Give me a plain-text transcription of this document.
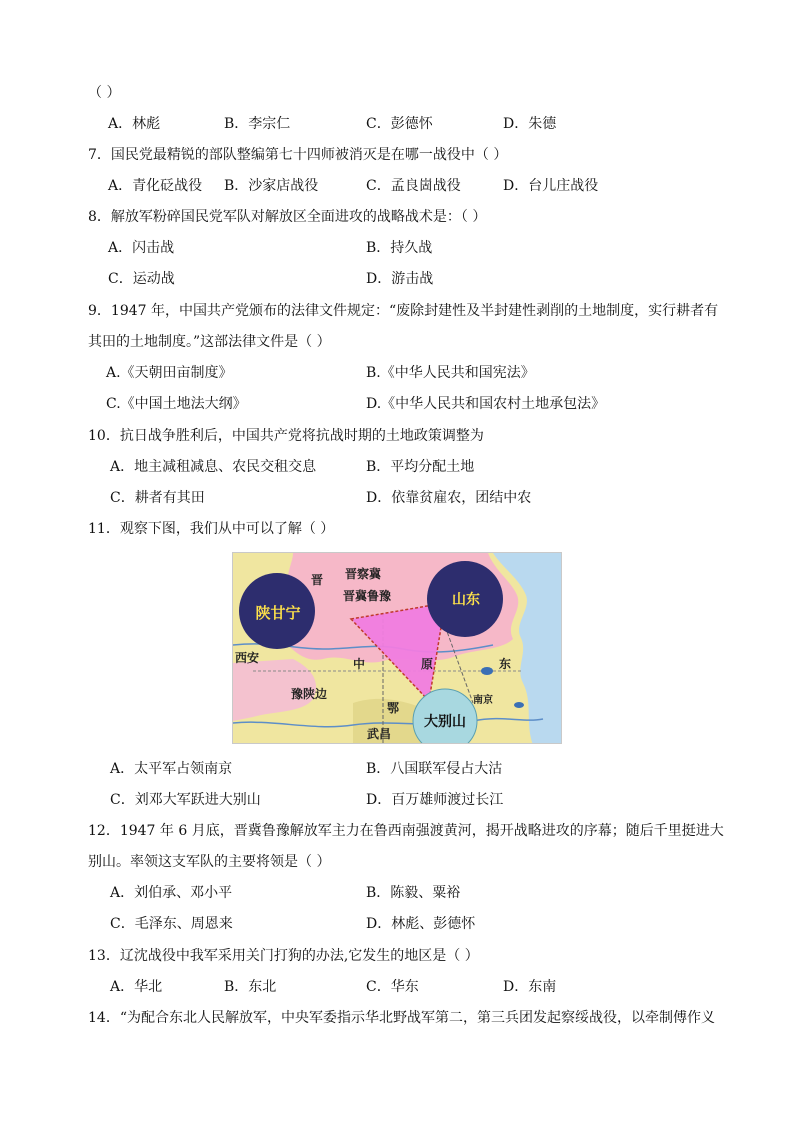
（ ）
A．林彪	B．李宗仁	C．彭德怀	D．朱德
7．国民党最精锐的部队整编第七十四师被消灭是在哪一战役中（ ）
A．青化砭战役 B．沙家店战役	C．孟良崮战役	D．台儿庄战役
8．解放军粉碎国民党军队对解放区全面进攻的战略战术是：（ ）
A．闪击战	B．持久战
C．运动战	D．游击战
9．1947 年，中国共产党颁布的法律文件规定：“废除封建性及半封建性剥削的土地制度，实行耕者有
其田的土地制度。”这部法律文件是（ ）
A.《天朝田亩制度》	B.《中华人民共和国宪法》
C.《中国土地法大纲》	D.《中华人民共和国农村土地承包法》
10．抗日战争胜利后，中国共产党将抗战时期的土地政策调整为
A．地主减租减息、农民交租交息	B．平均分配土地
C．耕者有其田	D．依靠贫雇农，团结中农
11．观察下图，我们从中可以了解（ ）
陕甘宁
山东
大别山
晋 晋察冀
晋冀鲁豫
西安	中	原	东
豫陕边
鄂
武昌
南京
A．太平军占领南京	B．八国联军侵占大沽
C．刘邓大军跃进大别山	D．百万雄师渡过长江
12．1947 年 6 月底，晋冀鲁豫解放军主力在鲁西南强渡黄河，揭开战略进攻的序幕；随后千里挺进大
别山。率领这支军队的主要将领是（ ）
A．刘伯承、邓小平	B．陈毅、粟裕
C．毛泽东、周恩来	D．林彪、彭德怀
13．辽沈战役中我军采用关门打狗的办法,它发生的地区是（ ）
A．华北	B．东北	C．华东	D．东南
14．“为配合东北人民解放军，中央军委指示华北野战军第二，第三兵团发起察绥战役，以牵制傅作义
